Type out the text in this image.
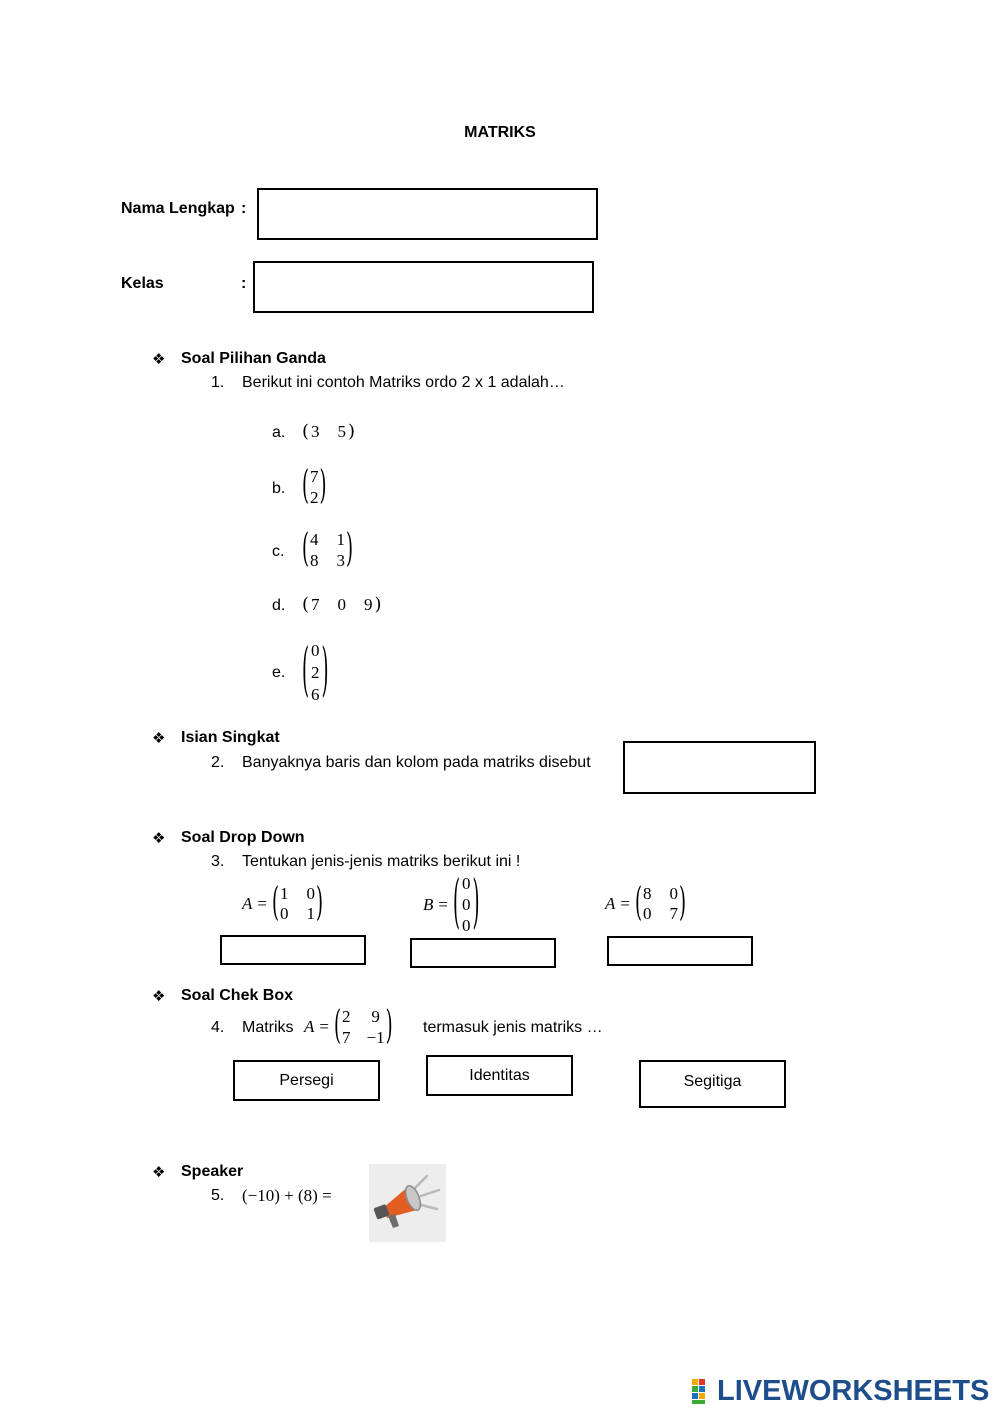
MATRIKS
Nama Lengkap :
Kelas	:
❖ Soal Pilihan Ganda
1. Berikut ini contoh Matriks ordo 2 x 1 adalah…
a. ( 3 5 )
b. ( 7
2 )
c. ( 4 1
8 3 )
d. ( 7 0 9 )
e. ( 0
2
6 )
❖ Isian Singkat
2. Banyaknya baris dan kolom pada matriks disebut
❖ Soal Drop Down
3. Tentukan jenis-jenis matriks berikut ini !
A = ( 1 0
0 1 )	B = ( 0
0
0 )	A = ( 8 0
0 7 )
❖ Soal Chek Box
4. Matriks A = ( 2 9
7 −1 ) termasuk jenis matriks …
Persegi	Identitas	Segitiga
❖ Speaker
5. (−10) + (8) =
LIVEWORKSHEETS
